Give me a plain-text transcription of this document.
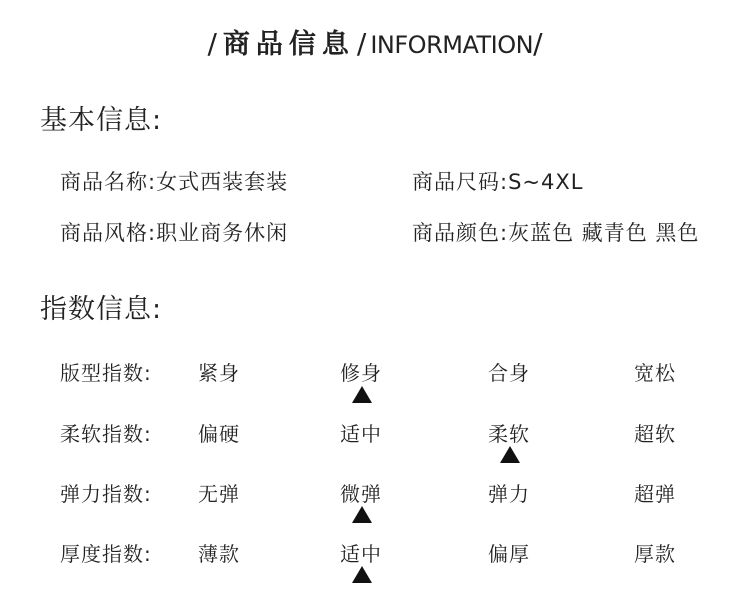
/ 商品信息/ INFORMATION/
基本信息:
商品名称:女式西装套装	商品尺码:S~4XL
商品风格:职业商务休闲	商品颜色:灰蓝色 藏青色 黑色
指数信息:
版型指数: 紧身	修身	合身	宽松
柔软指数: 偏硬	适中	柔软	超软
弹力指数: 无弹	微弹	弹力	超弹
厚度指数: 薄款	适中	偏厚	厚款
